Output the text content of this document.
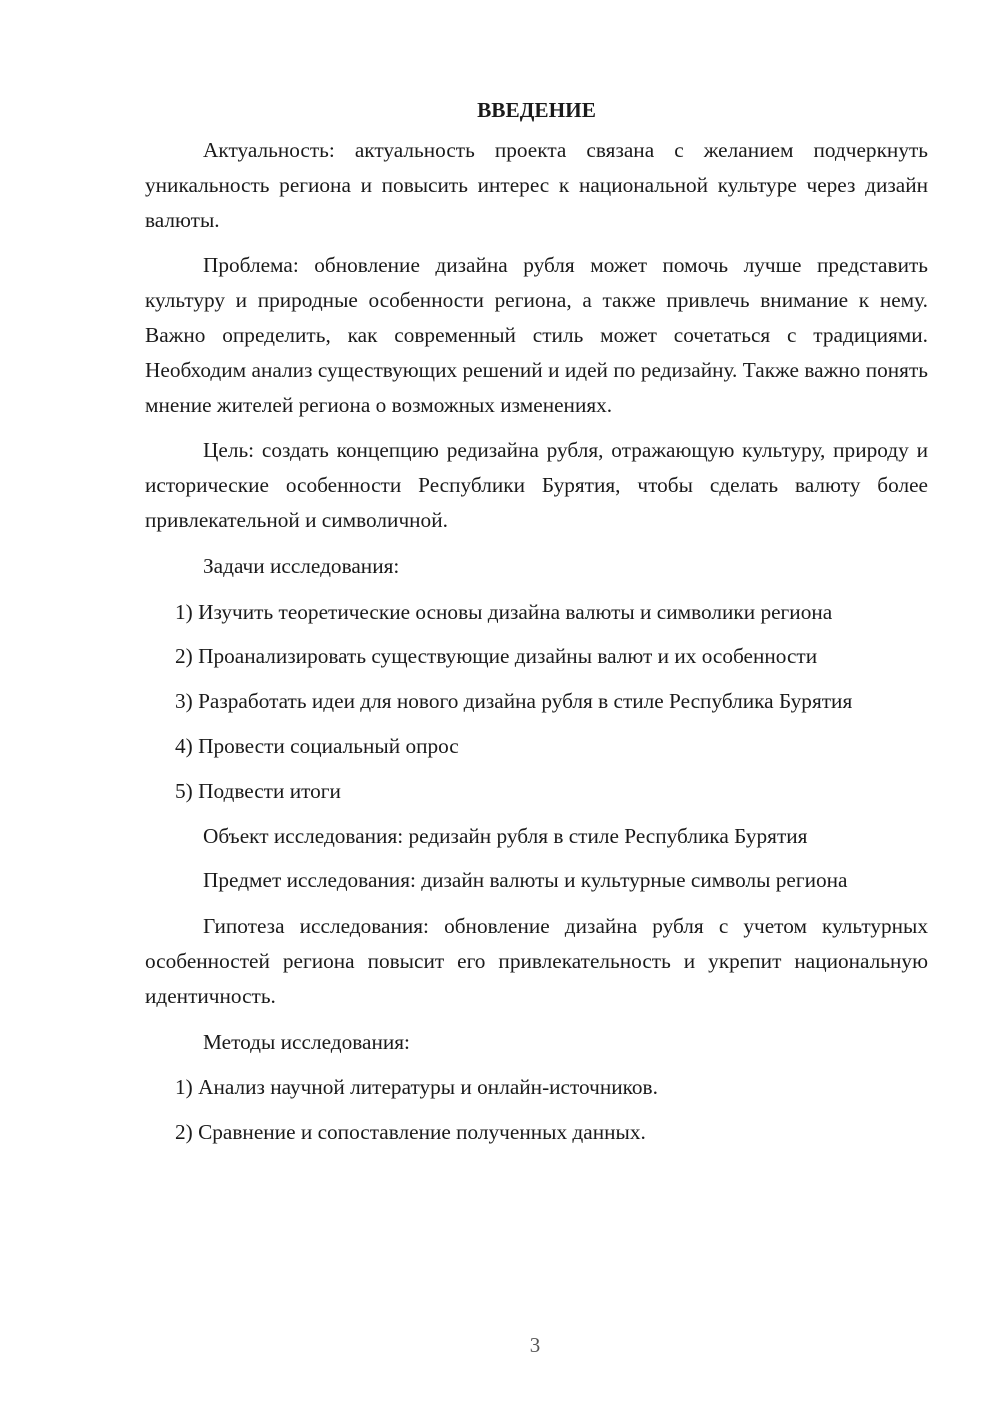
ВВЕДЕНИЕ

Актуальность: актуальность проекта связана с желанием подчеркнуть уникальность региона и повысить интерес к национальной культуре через дизайн валюты.

Проблема: обновление дизайна рубля может помочь лучше представить культуру и природные особенности региона, а также привлечь внимание к нему. Важно определить, как современный стиль может сочетаться с традициями. Необходим анализ существующих решений и идей по редизайну. Также важно понять мнение жителей региона о возможных изменениях.

Цель: создать концепцию редизайна рубля, отражающую культуру, природу и исторические особенности Республики Бурятия, чтобы сделать валюту более привлекательной и символичной.

Задачи исследования:

1) Изучить теоретические основы дизайна валюты и символики региона

2) Проанализировать существующие дизайны валют и их особенности

3) Разработать идеи для нового дизайна рубля в стиле Республика Бурятия

4) Провести социальный опрос

5) Подвести итоги

Объект исследования: редизайн рубля в стиле Республика Бурятия

Предмет исследования: дизайн валюты и культурные символы региона

Гипотеза исследования: обновление дизайна рубля с учетом культурных особенностей региона повысит его привлекательность и укрепит национальную идентичность.

Методы исследования:

1) Анализ научной литературы и онлайн-источников.

2) Сравнение и сопоставление полученных данных.

3
